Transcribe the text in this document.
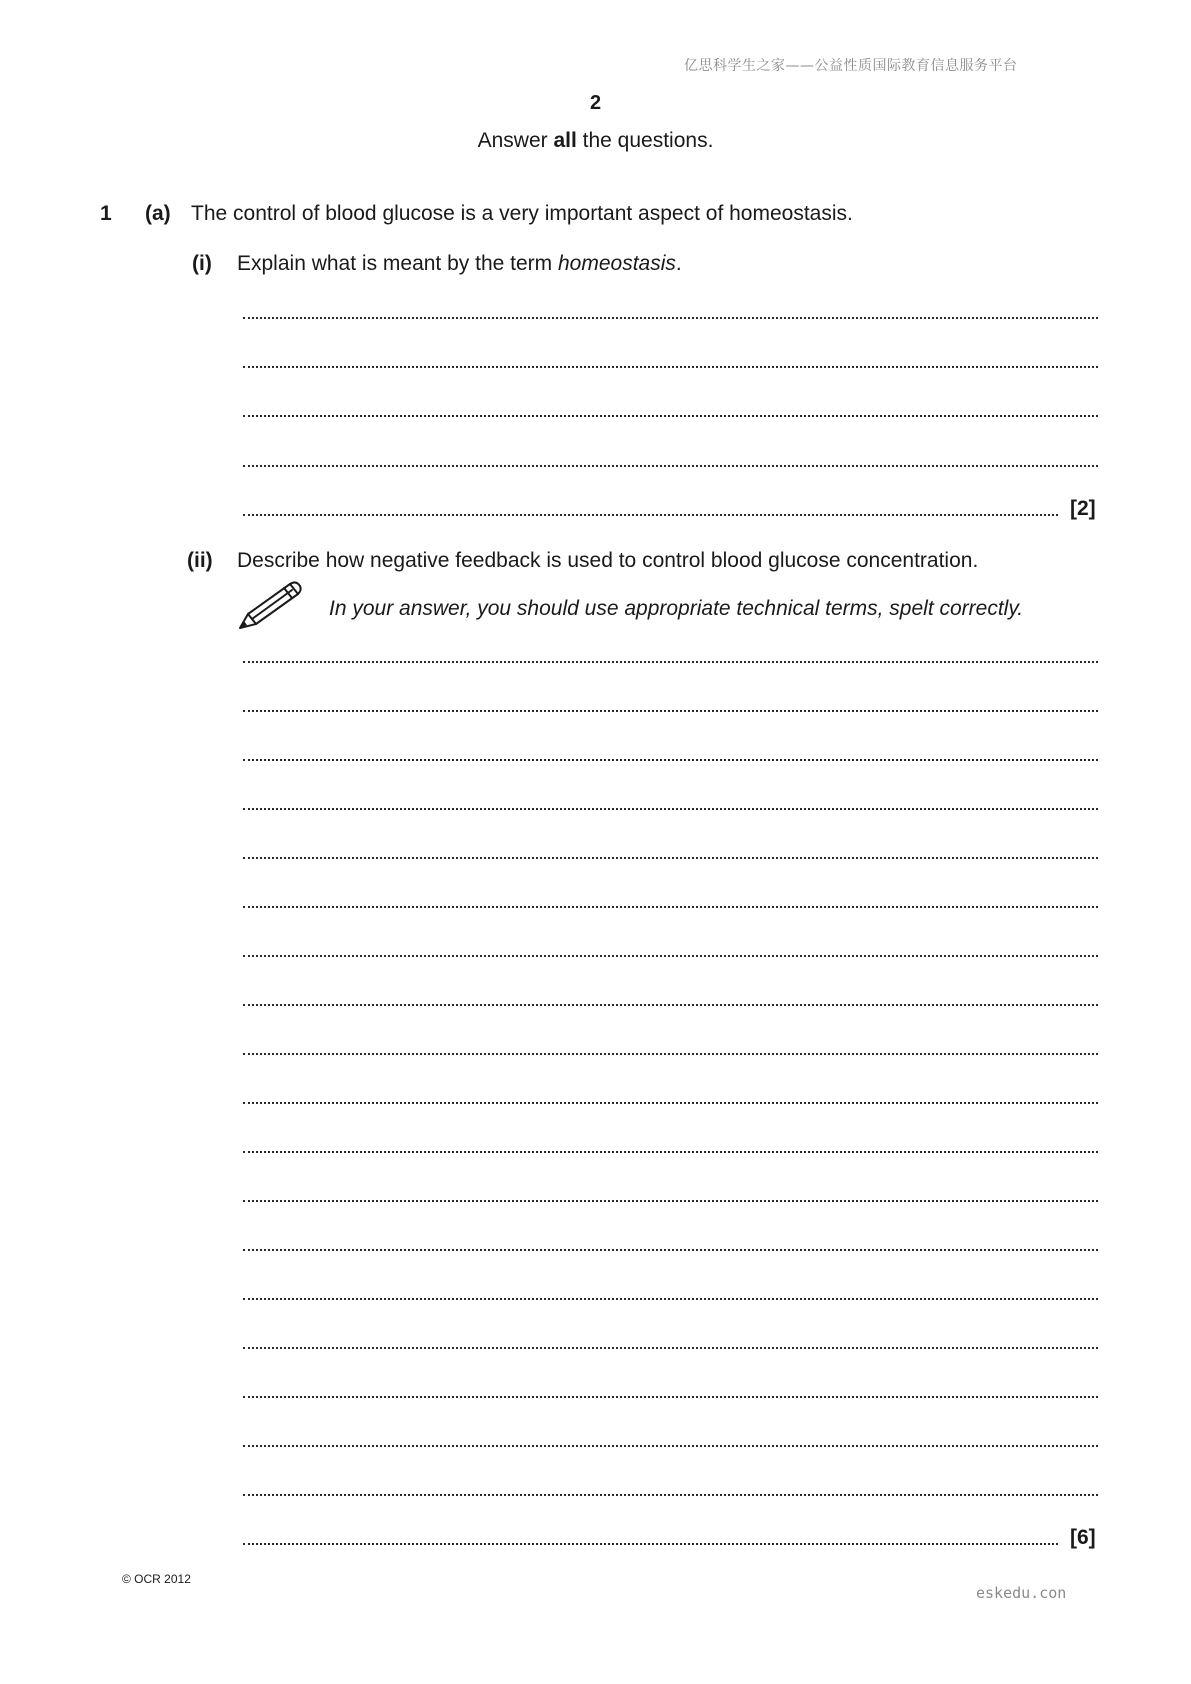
亿思科学生之家——公益性质国际教育信息服务平台
2
Answer all the questions.
1 (a) The control of blood glucose is a very important aspect of homeostasis.
(i) Explain what is meant by the term homeostasis.
[2]
(ii) Describe how negative feedback is used to control blood glucose concentration.
In your answer, you should use appropriate technical terms, spelt correctly.
[6]
© OCR 2012
eskedu.con
